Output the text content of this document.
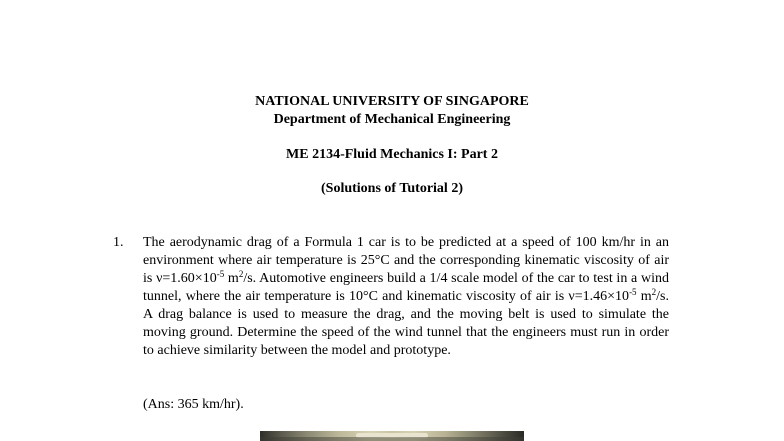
NATIONAL UNIVERSITY OF SINGAPORE
Department of Mechanical Engineering
ME 2134-Fluid Mechanics I: Part 2
(Solutions of Tutorial 2)
1. The aerodynamic drag of a Formula 1 car is to be predicted at a speed of 100 km/hr in an environment where air temperature is 25°C and the corresponding kinematic viscosity of air is $\nu=1.60\times 10^{-5}$ $m^2/s$. Automotive engineers build a 1/4 scale model of the car to test in a wind tunnel, where the air temperature is 10°C and kinematic viscosity of air is $\nu=1.46\times 10^{-5}$ $m^2/s$. A drag balance is used to measure the drag, and the moving belt is used to simulate the moving ground. Determine the speed of the wind tunnel that the engineers must run in order to achieve similarity between the model and prototype.
(Ans: 365 km/hr).
